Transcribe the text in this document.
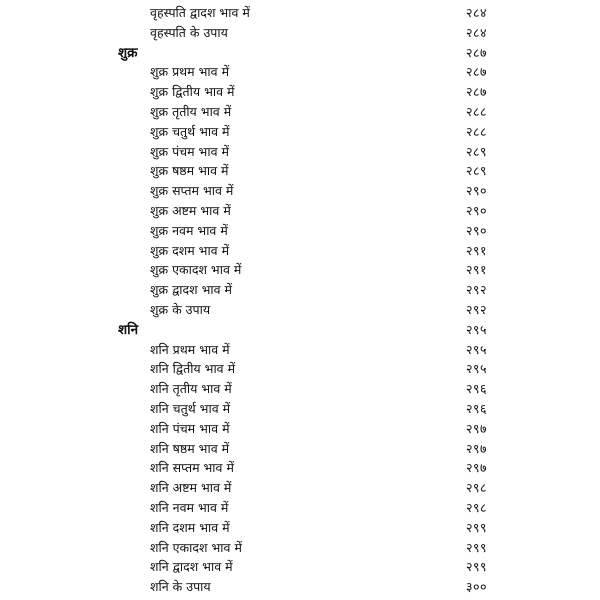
वृहस्पति द्वादश भाव में	२८४
वृहस्पति के उपाय	२८४
शुक्र	२८७
शुक्र प्रथम भाव में	२८७
शुक्र द्वितीय भाव में	२८७
शुक्र तृतीय भाव में	२८८
शुक्र चतुर्थ भाव में	२८८
शुक्र पंचम भाव में	२८९
शुक्र षष्ठम भाव में	२८९
शुक्र सप्तम भाव में	२९०
शुक्र अष्टम भाव में	२९०
शुक्र नवम भाव में	२९०
शुक्र दशम भाव में	२९१
शुक्र एकादश भाव में	२९१
शुक्र द्वादश भाव में	२९२
शुक्र के उपाय	२९२
शनि	२९५
शनि प्रथम भाव में	२९५
शनि द्वितीय भाव में	२९५
शनि तृतीय भाव में	२९६
शनि चतुर्थ भाव में	२९६
शनि पंचम भाव में	२९७
शनि षष्ठम भाव में	२९७
शनि सप्तम भाव में	२९७
शनि अष्टम भाव में	२९८
शनि नवम भाव में	२९८
शनि दशम भाव में	२९९
शनि एकादश भाव में	२९९
शनि द्वादश भाव में	२९९
शनि के उपाय	३००
